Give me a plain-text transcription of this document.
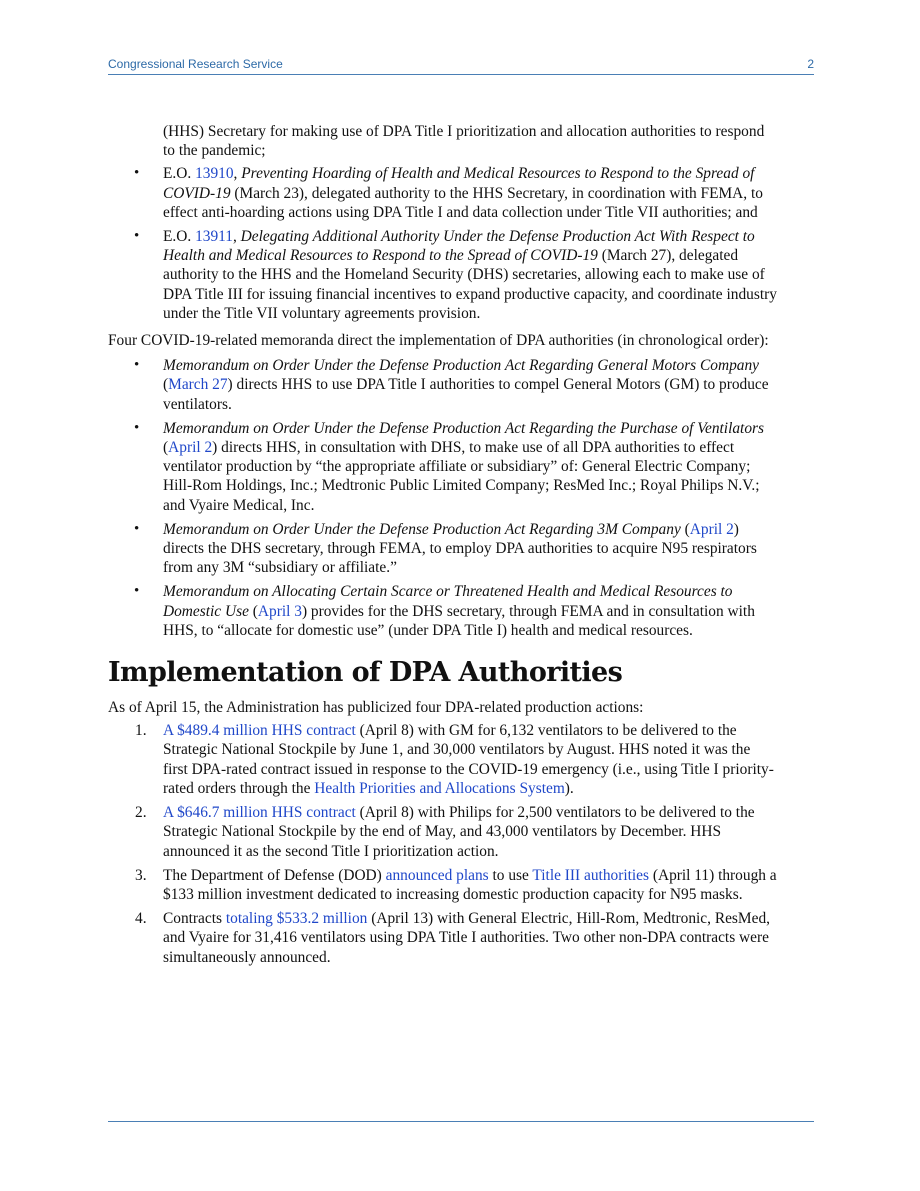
Congressional Research Service	2

(HHS) Secretary for making use of DPA Title I prioritization and allocation authorities to respond to the pandemic;

• E.O. 13910, Preventing Hoarding of Health and Medical Resources to Respond to the Spread of COVID-19 (March 23), delegated authority to the HHS Secretary, in coordination with FEMA, to effect anti-hoarding actions using DPA Title I and data collection under Title VII authorities; and
• E.O. 13911, Delegating Additional Authority Under the Defense Production Act With Respect to Health and Medical Resources to Respond to the Spread of COVID-19 (March 27), delegated authority to the HHS and the Homeland Security (DHS) secretaries, allowing each to make use of DPA Title III for issuing financial incentives to expand productive capacity, and coordinate industry under the Title VII voluntary agreements provision.

Four COVID-19-related memoranda direct the implementation of DPA authorities (in chronological order):

• Memorandum on Order Under the Defense Production Act Regarding General Motors Company (March 27) directs HHS to use DPA Title I authorities to compel General Motors (GM) to produce ventilators.
• Memorandum on Order Under the Defense Production Act Regarding the Purchase of Ventilators (April 2) directs HHS, in consultation with DHS, to make use of all DPA authorities to effect ventilator production by “the appropriate affiliate or subsidiary” of: General Electric Company; Hill-Rom Holdings, Inc.; Medtronic Public Limited Company; ResMed Inc.; Royal Philips N.V.; and Vyaire Medical, Inc.
• Memorandum on Order Under the Defense Production Act Regarding 3M Company (April 2) directs the DHS secretary, through FEMA, to employ DPA authorities to acquire N95 respirators from any 3M “subsidiary or affiliate.”
• Memorandum on Allocating Certain Scarce or Threatened Health and Medical Resources to Domestic Use (April 3) provides for the DHS secretary, through FEMA and in consultation with HHS, to “allocate for domestic use” (under DPA Title I) health and medical resources.
Implementation of DPA Authorities

As of April 15, the Administration has publicized four DPA-related production actions:

1. A $489.4 million HHS contract (April 8) with GM for 6,132 ventilators to be delivered to the Strategic National Stockpile by June 1, and 30,000 ventilators by August. HHS noted it was the first DPA-rated contract issued in response to the COVID-19 emergency (i.e., using Title I priority-rated orders through the Health Priorities and Allocations System).
2. A $646.7 million HHS contract (April 8) with Philips for 2,500 ventilators to be delivered to the Strategic National Stockpile by the end of May, and 43,000 ventilators by December. HHS announced it as the second Title I prioritization action.
3. The Department of Defense (DOD) announced plans to use Title III authorities (April 11) through a $133 million investment dedicated to increasing domestic production capacity for N95 masks.
4. Contracts totaling $533.2 million (April 13) with General Electric, Hill-Rom, Medtronic, ResMed, and Vyaire for 31,416 ventilators using DPA Title I authorities. Two other non-DPA contracts were simultaneously announced.
